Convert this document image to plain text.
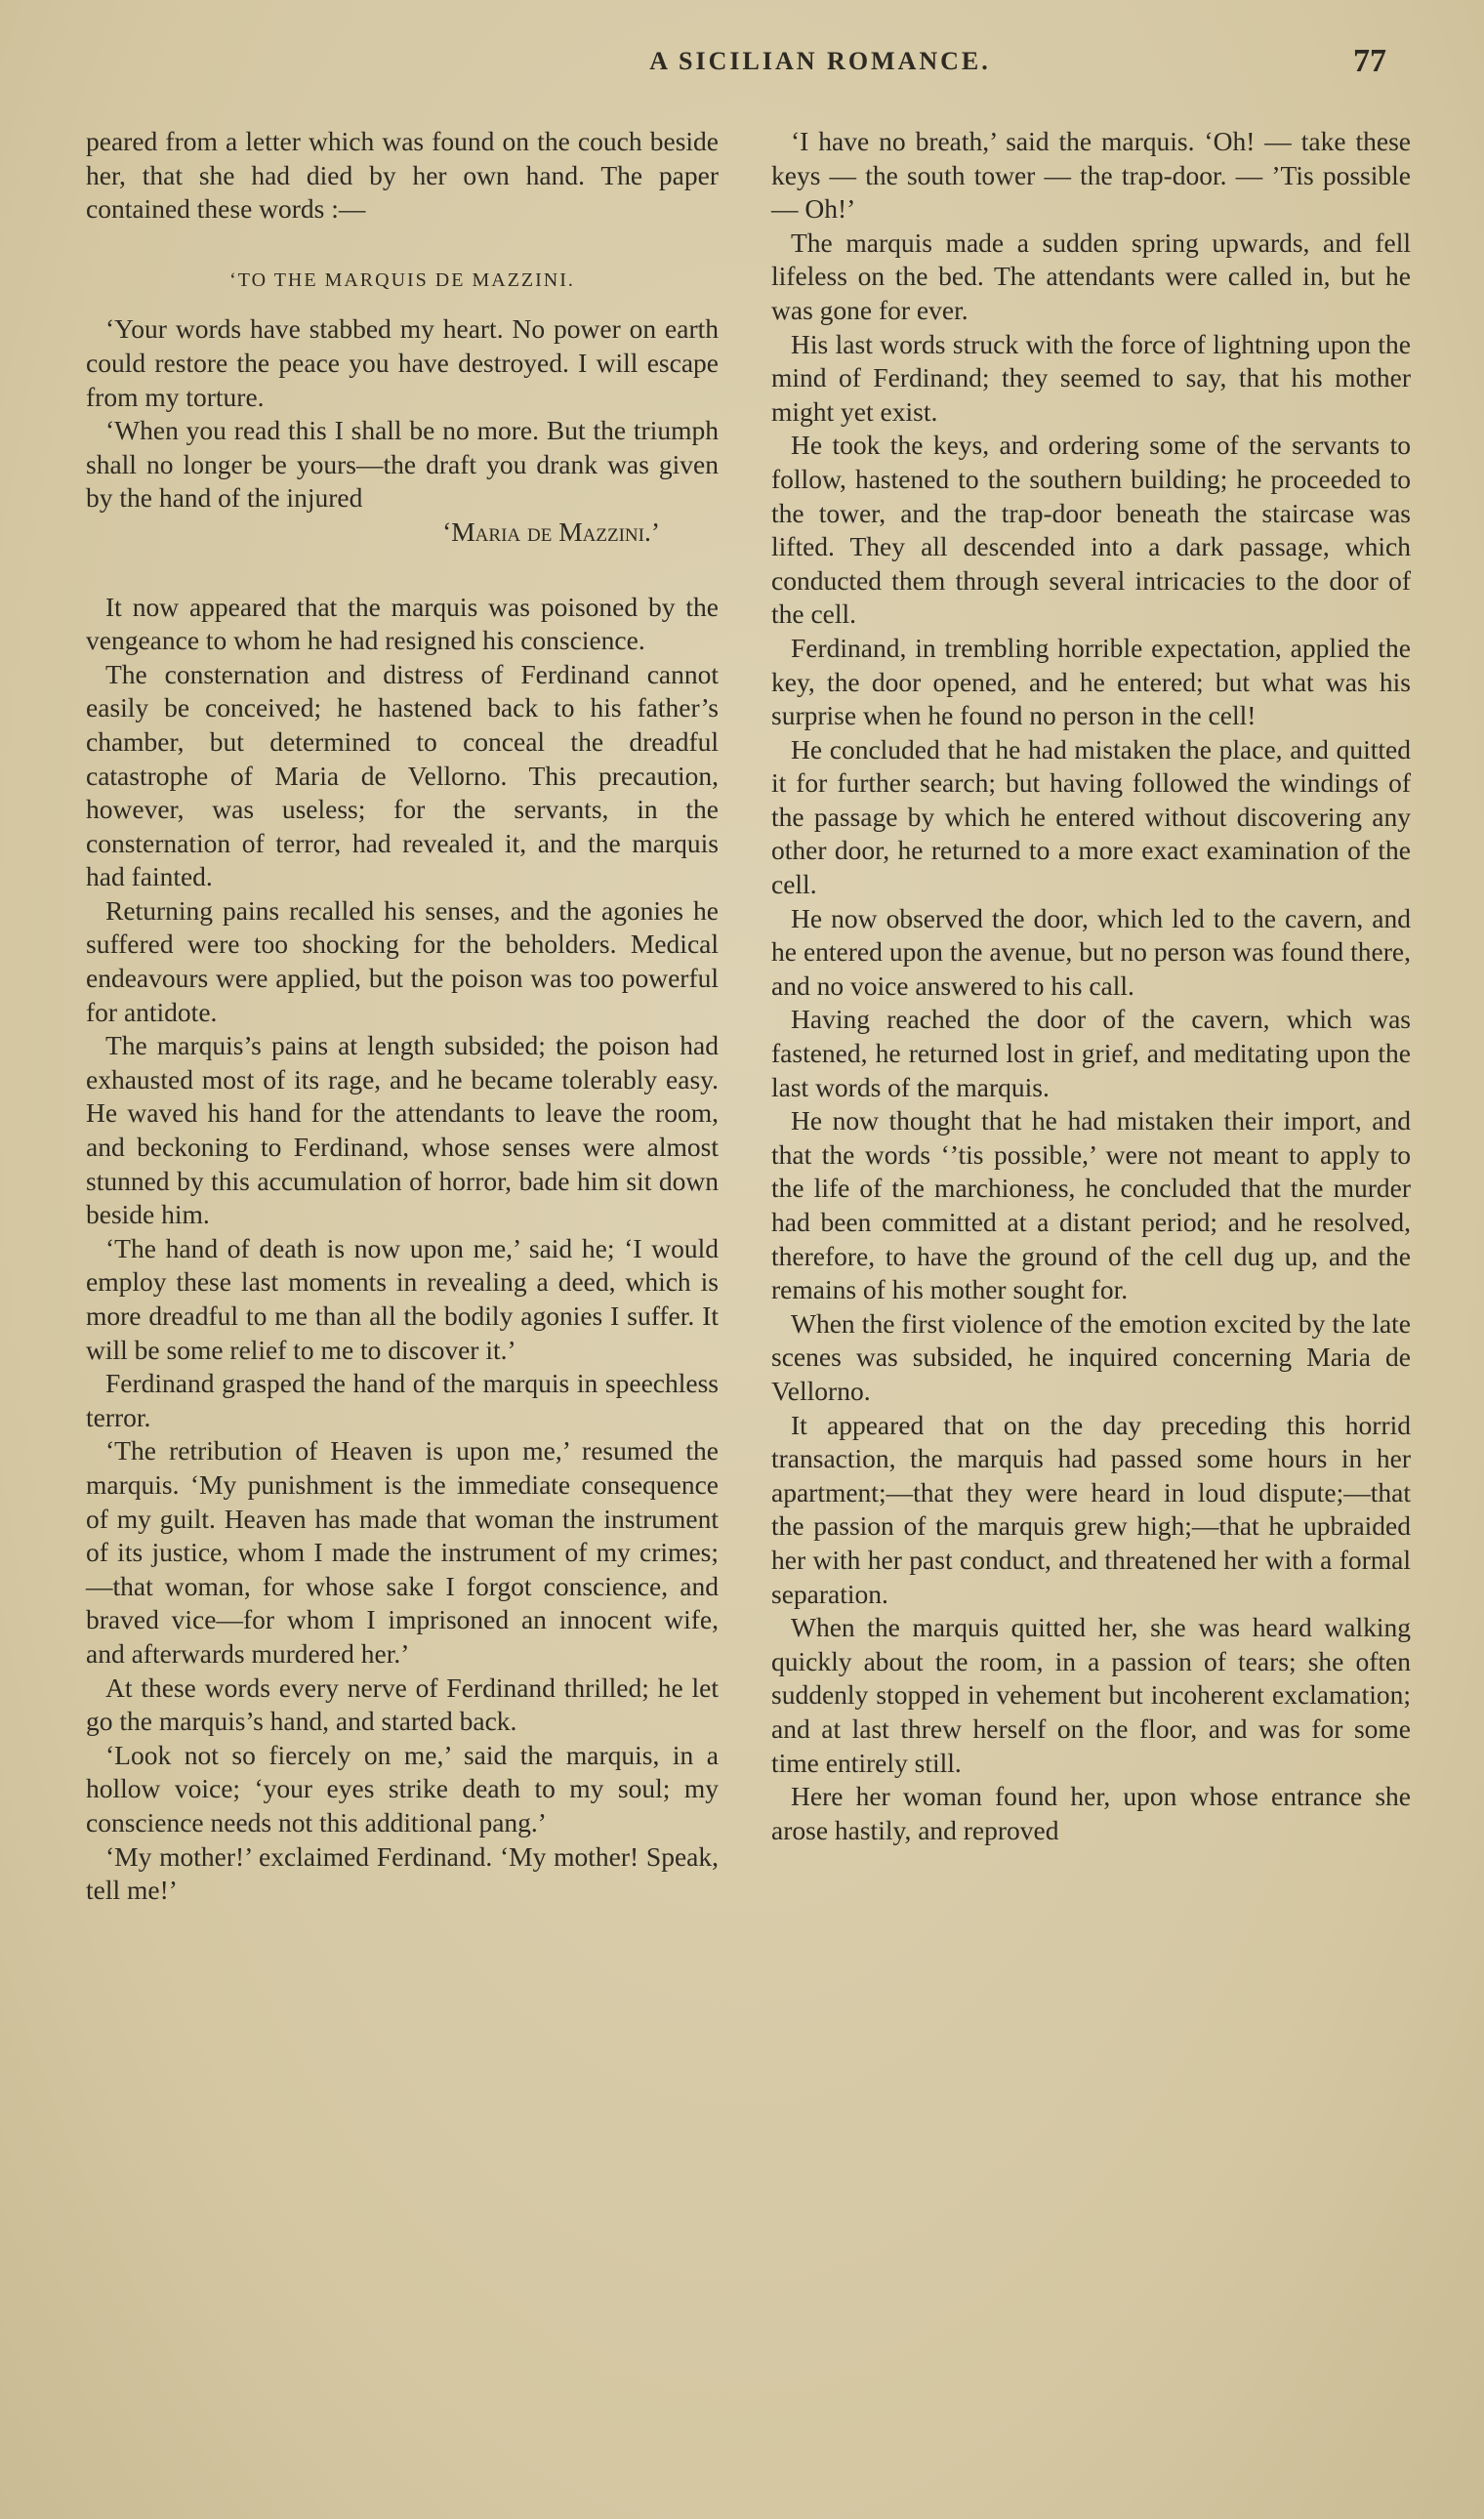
A SICILIAN ROMANCE.	77

peared from a letter which was found on the couch beside her, that she had died by her own hand. The paper contained these words :—

‘TO THE MARQUIS DE MAZZINI.

‘Your words have stabbed my heart. No power on earth could restore the peace you have destroyed. I will escape from my torture.

‘When you read this I shall be no more. But the triumph shall no longer be yours—the draft you drank was given by the hand of the injured

‘Maria de Mazzini.’

It now appeared that the marquis was poisoned by the vengeance to whom he had resigned his conscience.

The consternation and distress of Ferdinand cannot easily be conceived; he hastened back to his father’s chamber, but determined to conceal the dreadful catastrophe of Maria de Vellorno. This precaution, however, was useless; for the servants, in the consternation of terror, had revealed it, and the marquis had fainted.

Returning pains recalled his senses, and the agonies he suffered were too shocking for the beholders. Medical endeavours were applied, but the poison was too powerful for antidote.

The marquis’s pains at length subsided; the poison had exhausted most of its rage, and he became tolerably easy. He waved his hand for the attendants to leave the room, and beckoning to Ferdinand, whose senses were almost stunned by this accumulation of horror, bade him sit down beside him.

‘The hand of death is now upon me,’ said he; ‘I would employ these last moments in revealing a deed, which is more dreadful to me than all the bodily agonies I suffer. It will be some relief to me to discover it.’

Ferdinand grasped the hand of the marquis in speechless terror.

‘The retribution of Heaven is upon me,’ resumed the marquis. ‘My punishment is the immediate consequence of my guilt. Heaven has made that woman the instrument of its justice, whom I made the instrument of my crimes;—that woman, for whose sake I forgot conscience, and braved vice—for whom I imprisoned an innocent wife, and afterwards murdered her.’

At these words every nerve of Ferdinand thrilled; he let go the marquis’s hand, and started back.

‘Look not so fiercely on me,’ said the marquis, in a hollow voice; ‘your eyes strike death to my soul; my conscience needs not this additional pang.’

‘My mother!’ exclaimed Ferdinand. ‘My mother! Speak, tell me!’

‘I have no breath,’ said the marquis. ‘Oh! — take these keys — the south tower — the trap-door. — ’Tis possible — Oh!’

The marquis made a sudden spring upwards, and fell lifeless on the bed. The attendants were called in, but he was gone for ever.

His last words struck with the force of lightning upon the mind of Ferdinand; they seemed to say, that his mother might yet exist.

He took the keys, and ordering some of the servants to follow, hastened to the southern building; he proceeded to the tower, and the trap-door beneath the staircase was lifted. They all descended into a dark passage, which conducted them through several intricacies to the door of the cell.

Ferdinand, in trembling horrible expectation, applied the key, the door opened, and he entered; but what was his surprise when he found no person in the cell!

He concluded that he had mistaken the place, and quitted it for further search; but having followed the windings of the passage by which he entered without discovering any other door, he returned to a more exact examination of the cell.

He now observed the door, which led to the cavern, and he entered upon the avenue, but no person was found there, and no voice answered to his call.

Having reached the door of the cavern, which was fastened, he returned lost in grief, and meditating upon the last words of the marquis.

He now thought that he had mistaken their import, and that the words ‘’tis possible,’ were not meant to apply to the life of the marchioness, he concluded that the murder had been committed at a distant period; and he resolved, therefore, to have the ground of the cell dug up, and the remains of his mother sought for.

When the first violence of the emotion excited by the late scenes was subsided, he inquired concerning Maria de Vellorno.

It appeared that on the day preceding this horrid transaction, the marquis had passed some hours in her apartment;—that they were heard in loud dispute;—that the passion of the marquis grew high;—that he upbraided her with her past conduct, and threatened her with a formal separation.

When the marquis quitted her, she was heard walking quickly about the room, in a passion of tears; she often suddenly stopped in vehement but incoherent exclamation; and at last threw herself on the floor, and was for some time entirely still.

Here her woman found her, upon whose entrance she arose hastily, and reproved
